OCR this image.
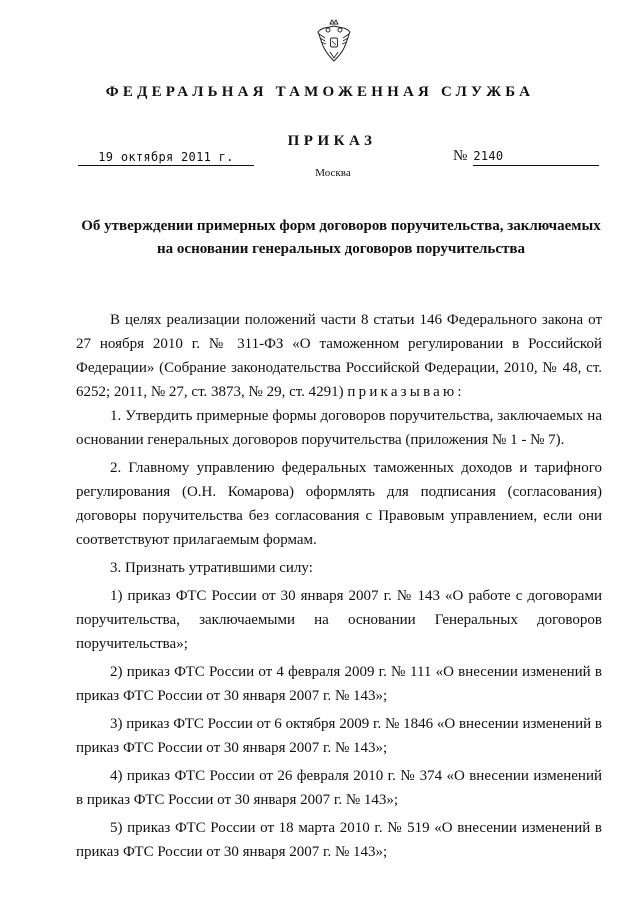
ФЕДЕРАЛЬНАЯ ТАМОЖЕННАЯ СЛУЖБА
ПРИКАЗ
19 октября 2011 г.	№ 2140
Москва
Об утверждении примерных форм договоров поручительства, заключаемых
на основании генеральных договоров поручительства

В целях реализации положений части 8 статьи 146 Федерального закона от 27 ноября 2010 г. № 311-ФЗ «О таможенном регулировании в Российской Федерации» (Собрание законодательства Российской Федерации, 2010, № 48, ст. 6252; 2011, № 27, ст. 3873, № 29, ст. 4291) приказываю:

1. Утвердить примерные формы договоров поручительства, заключаемых на основании генеральных договоров поручительства (приложения № 1 - № 7).

2. Главному управлению федеральных таможенных доходов и тарифного регулирования (О.Н. Комарова) оформлять для подписания (согласования) договоры поручительства без согласования с Правовым управлением, если они соответствуют прилагаемым формам.

3. Признать утратившими силу:

1) приказ ФТС России от 30 января 2007 г. № 143 «О работе с договорами поручительства, заключаемыми на основании Генеральных договоров поручительства»;

2) приказ ФТС России от 4 февраля 2009 г. № 111 «О внесении изменений в приказ ФТС России от 30 января 2007 г. № 143»;

3) приказ ФТС России от 6 октября 2009 г. № 1846 «О внесении изменений в приказ ФТС России от 30 января 2007 г. № 143»;

4) приказ ФТС России от 26 февраля 2010 г. № 374 «О внесении изменений в приказ ФТС России от 30 января 2007 г. № 143»;

5) приказ ФТС России от 18 марта 2010 г. № 519 «О внесении изменений в приказ ФТС России от 30 января 2007 г. № 143»;
